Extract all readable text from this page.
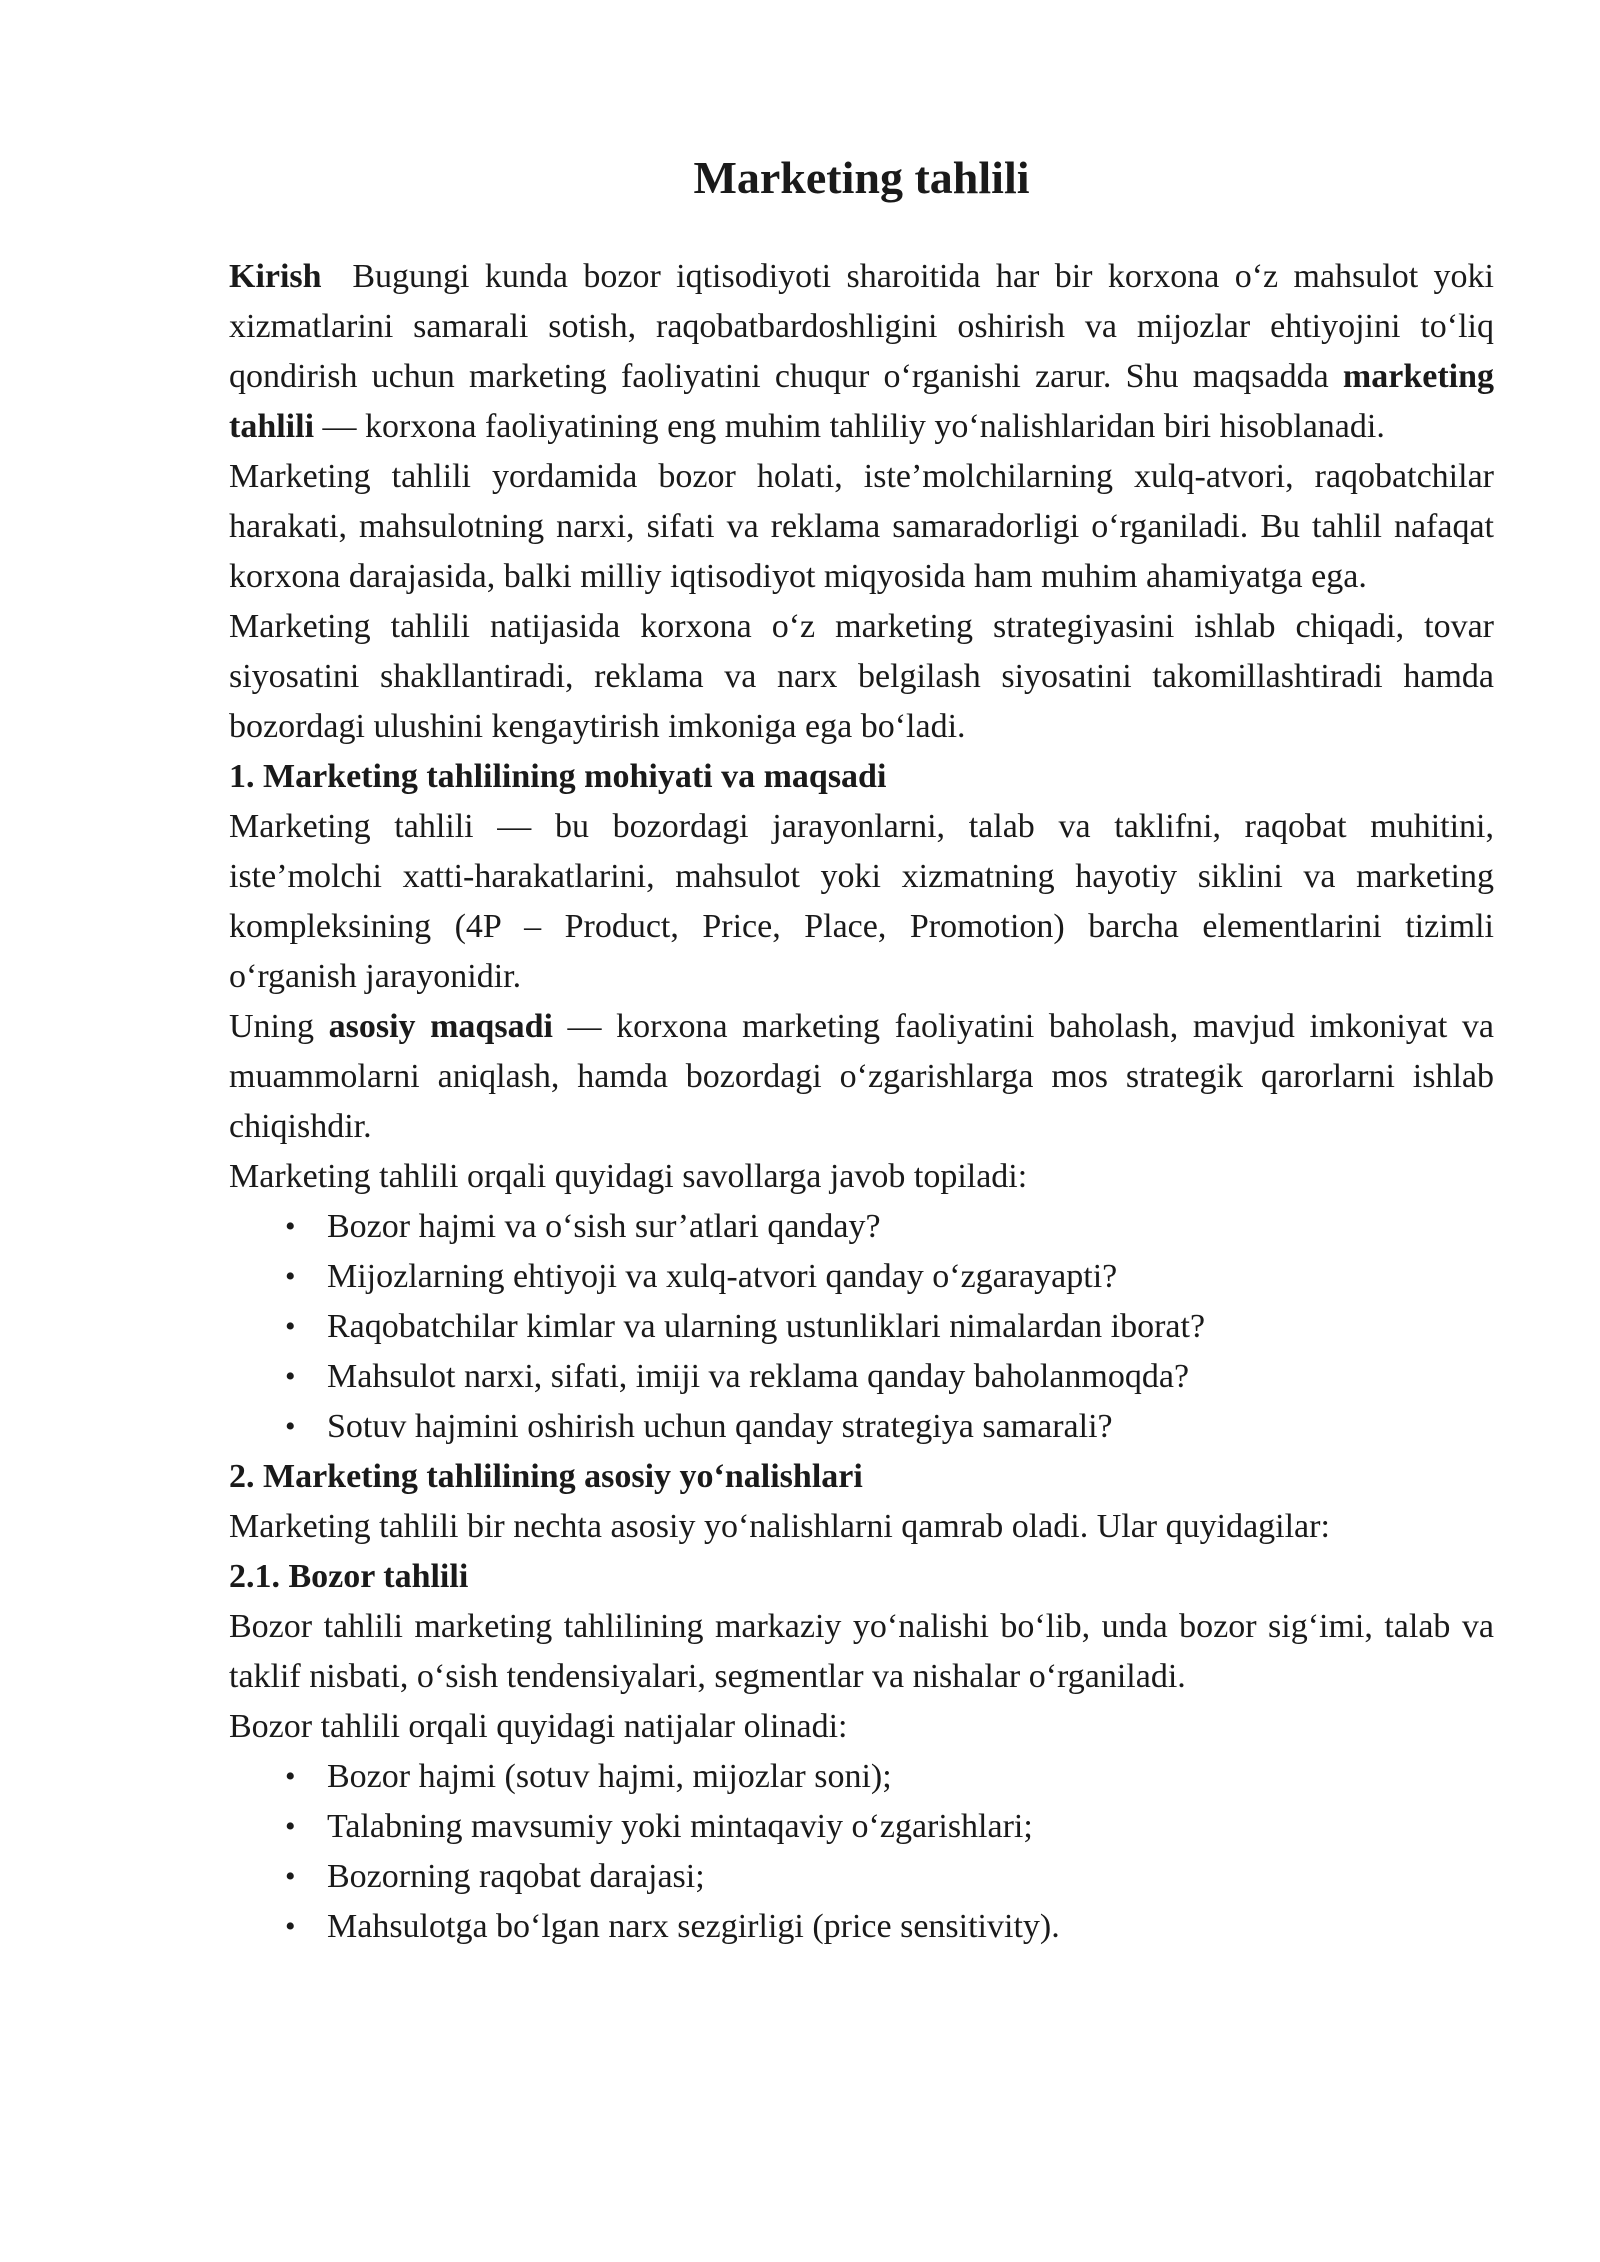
Marketing tahlili

Kirish Bugungi kunda bozor iqtisodiyoti sharoitida har bir korxona o‘z mahsulot yoki xizmatlarini samarali sotish, raqobatbardoshligini oshirish va mijozlar ehtiyojini to‘liq qondirish uchun marketing faoliyatini chuqur o‘rganishi zarur. Shu maqsadda marketing tahlili — korxona faoliyatining eng muhim tahliliy yo‘nalishlaridan biri hisoblanadi.

Marketing tahlili yordamida bozor holati, iste’molchilarning xulq-atvori, raqobatchilar harakati, mahsulotning narxi, sifati va reklama samaradorligi o‘rganiladi. Bu tahlil nafaqat korxona darajasida, balki milliy iqtisodiyot miqyosida ham muhim ahamiyatga ega.

Marketing tahlili natijasida korxona o‘z marketing strategiyasini ishlab chiqadi, tovar siyosatini shakllantiradi, reklama va narx belgilash siyosatini takomillashtiradi hamda bozordagi ulushini kengaytirish imkoniga ega bo‘ladi.

1. Marketing tahlilining mohiyati va maqsadi

Marketing tahlili — bu bozordagi jarayonlarni, talab va taklifni, raqobat muhitini, iste’molchi xatti-harakatlarini, mahsulot yoki xizmatning hayotiy siklini va marketing kompleksining (4P – Product, Price, Place, Promotion) barcha elementlarini tizimli o‘rganish jarayonidir.

Uning asosiy maqsadi — korxona marketing faoliyatini baholash, mavjud imkoniyat va muammolarni aniqlash, hamda bozordagi o‘zgarishlarga mos strategik qarorlarni ishlab chiqishdir.

Marketing tahlili orqali quyidagi savollarga javob topiladi:

• Bozor hajmi va o‘sish sur’atlari qanday?
• Mijozlarning ehtiyoji va xulq-atvori qanday o‘zgarayapti?
• Raqobatchilar kimlar va ularning ustunliklari nimalardan iborat?
• Mahsulot narxi, sifati, imiji va reklama qanday baholanmoqda?
• Sotuv hajmini oshirish uchun qanday strategiya samarali?

2. Marketing tahlilining asosiy yo‘nalishlari

Marketing tahlili bir nechta asosiy yo‘nalishlarni qamrab oladi. Ular quyidagilar:

2.1. Bozor tahlili

Bozor tahlili marketing tahlilining markaziy yo‘nalishi bo‘lib, unda bozor sig‘imi, talab va taklif nisbati, o‘sish tendensiyalari, segmentlar va nishalar o‘rganiladi.

Bozor tahlili orqali quyidagi natijalar olinadi:

• Bozor hajmi (sotuv hajmi, mijozlar soni);
• Talabning mavsumiy yoki mintaqaviy o‘zgarishlari;
• Bozorning raqobat darajasi;
• Mahsulotga bo‘lgan narx sezgirligi (price sensitivity).
